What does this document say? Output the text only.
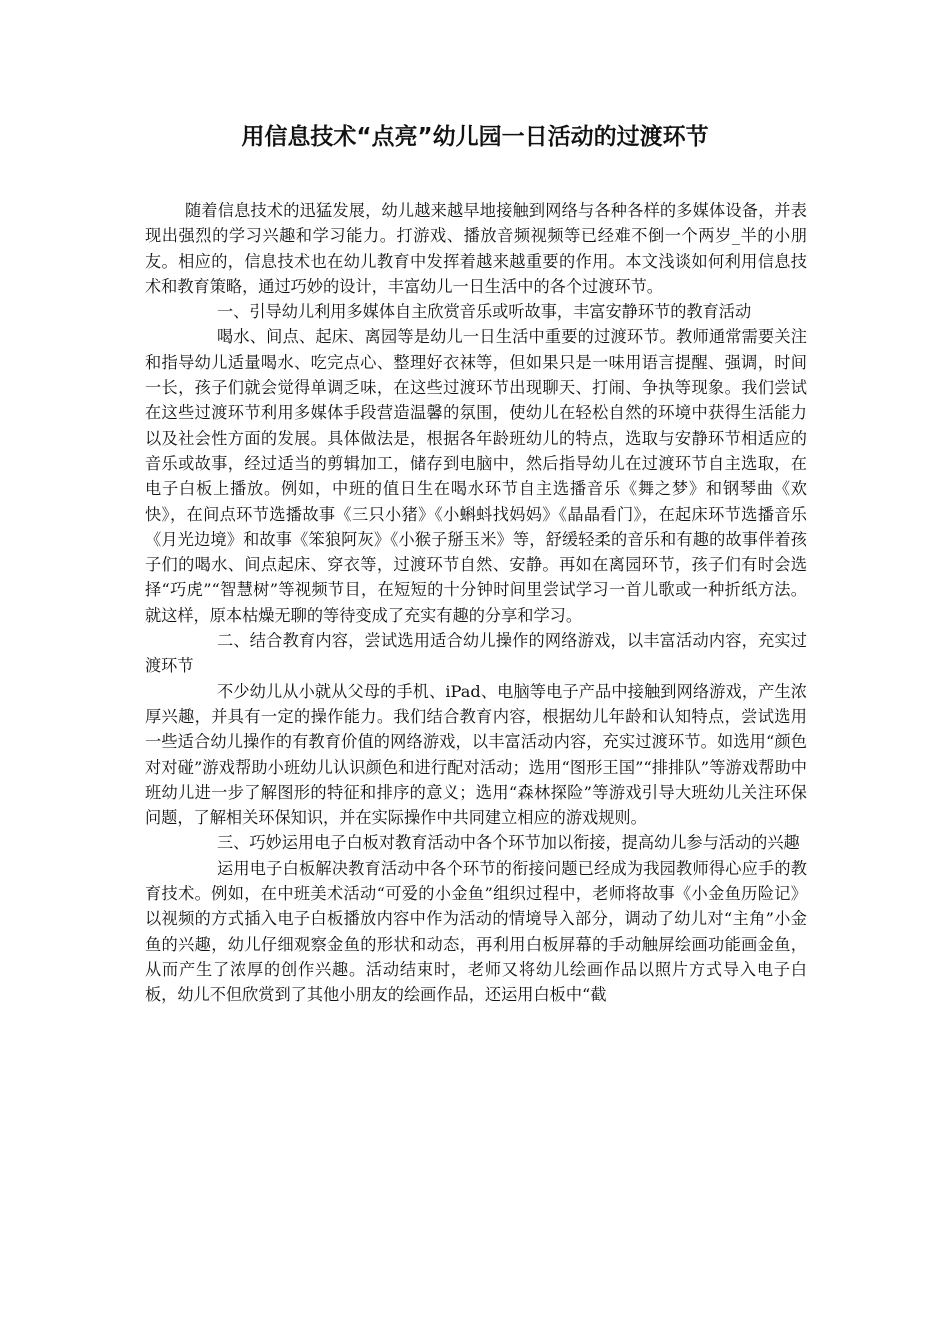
用信息技术“点亮”幼儿园一日活动的过渡环节

随着信息技术的迅猛发展，幼儿越来越早地接触到网络与各种各样的多媒体设备，并表现出强烈的学习兴趣和学习能力。打游戏、播放音频视频等已经难不倒一个两岁_半的小朋友。相应的，信息技术也在幼儿教育中发挥着越来越重要的作用。本文浅谈如何利用信息技术和教育策略，通过巧妙的设计，丰富幼儿一日生活中的各个过渡环节。

一、引导幼儿利用多媒体自主欣赏音乐或听故事，丰富安静环节的教育活动

喝水、间点、起床、离园等是幼儿一日生活中重要的过渡环节。教师通常需要关注和指导幼儿适量喝水、吃完点心、整理好衣袜等，但如果只是一味用语言提醒、强调，时间一长，孩子们就会觉得单调乏味，在这些过渡环节出现聊天、打闹、争执等现象。我们尝试在这些过渡环节利用多媒体手段营造温馨的氛围，使幼儿在轻松自然的环境中获得生活能力以及社会性方面的发展。具体做法是，根据各年龄班幼儿的特点，选取与安静环节相适应的音乐或故事，经过适当的剪辑加工，储存到电脑中，然后指导幼儿在过渡环节自主选取，在电子白板上播放。例如，中班的值日生在喝水环节自主选播音乐《舞之梦》和钢琴曲《欢快》，在间点环节选播故事《三只小猪》《小蝌蚪找妈妈》《晶晶看门》，在起床环节选播音乐《月光边境》和故事《笨狼阿灰》《小猴子掰玉米》等，舒缓轻柔的音乐和有趣的故事伴着孩子们的喝水、间点起床、穿衣等，过渡环节自然、安静。再如在离园环节，孩子们有时会选择“巧虎”“智慧树”等视频节目，在短短的十分钟时间里尝试学习一首儿歌或一种折纸方法。就这样，原本枯燥无聊的等待变成了充实有趣的分享和学习。

二、结合教育内容，尝试选用适合幼儿操作的网络游戏，以丰富活动内容，充实过渡环节

不少幼儿从小就从父母的手机、iPad、电脑等电子产品中接触到网络游戏，产生浓厚兴趣，并具有一定的操作能力。我们结合教育内容，根据幼儿年龄和认知特点，尝试选用一些适合幼儿操作的有教育价值的网络游戏，以丰富活动内容，充实过渡环节。如选用“颜色对对碰”游戏帮助小班幼儿认识颜色和进行配对活动；选用“图形王国”“排排队”等游戏帮助中班幼儿进一步了解图形的特征和排序的意义；选用“森林探险”等游戏引导大班幼儿关注环保问题，了解相关环保知识，并在实际操作中共同建立相应的游戏规则。

三、巧妙运用电子白板对教育活动中各个环节加以衔接，提高幼儿参与活动的兴趣

运用电子白板解决教育活动中各个环节的衔接问题已经成为我园教师得心应手的教育技术。例如，在中班美术活动“可爱的小金鱼”组织过程中，老师将故事《小金鱼历险记》以视频的方式插入电子白板播放内容中作为活动的情境导入部分，调动了幼儿对“主角”小金鱼的兴趣，幼儿仔细观察金鱼的形状和动态，再利用白板屏幕的手动触屏绘画功能画金鱼，从而产生了浓厚的创作兴趣。活动结束时，老师又将幼儿绘画作品以照片方式导入电子白板，幼儿不但欣赏到了其他小朋友的绘画作品，还运用白板中“截
